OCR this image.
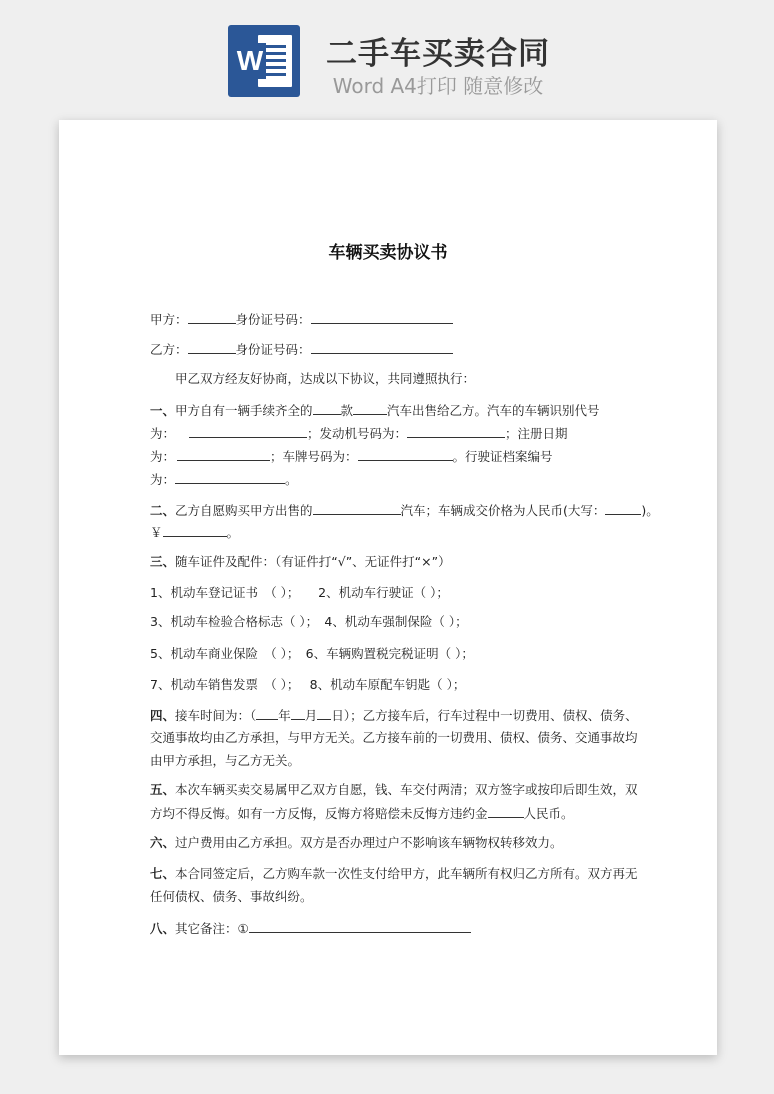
W 二手车买卖合同
Word A4打印 随意修改

车辆买卖协议书
甲方：	身份证号码：
乙方：	身份证号码：
甲乙双方经友好协商，达成以下协议，共同遵照执行：
一、甲方自有一辆手续齐全的 款	汽车出售给乙方。汽车的车辆识别代号
为：	；发动机号码为：	；注册日期
为：	；车牌号码为：	。行驶证档案编号
为：	。
二、乙方自愿购买甲方出售的	汽车；车辆成交价格为人民币(大写：	)。
￥	。
三、随车证件及配件：（有证件打“√”、无证件打“×”）
1、机动车登记证书　（ ）；　　2、机动车行驶证（ ）；
3、机动车检验合格标志（ ）；　4、机动车强制保险（ ）；
5、机动车商业保险　（ ）；　6、车辆购置税完税证明（ ）；
7、机动车销售发票　（ ）；　 8、机动车原配车钥匙（ ）；
四、接车时间为：（ 年 月 日）；乙方接车后，行车过程中一切费用、债权、债务、
交通事故均由乙方承担，与甲方无关。乙方接车前的一切费用、债权、债务、交通事故均
由甲方承担，与乙方无关。
五、本次车辆买卖交易属甲乙双方自愿，钱、车交付两清；双方签字或按印后即生效，双
方均不得反悔。如有一方反悔，反悔方将赔偿未反悔方违约金	人民币。
六、过户费用由乙方承担。双方是否办理过户不影响该车辆物权转移效力。
七、本合同签定后，乙方购车款一次性支付给甲方，此车辆所有权归乙方所有。双方再无
任何债权、债务、事故纠纷。
八、其它备注：①
